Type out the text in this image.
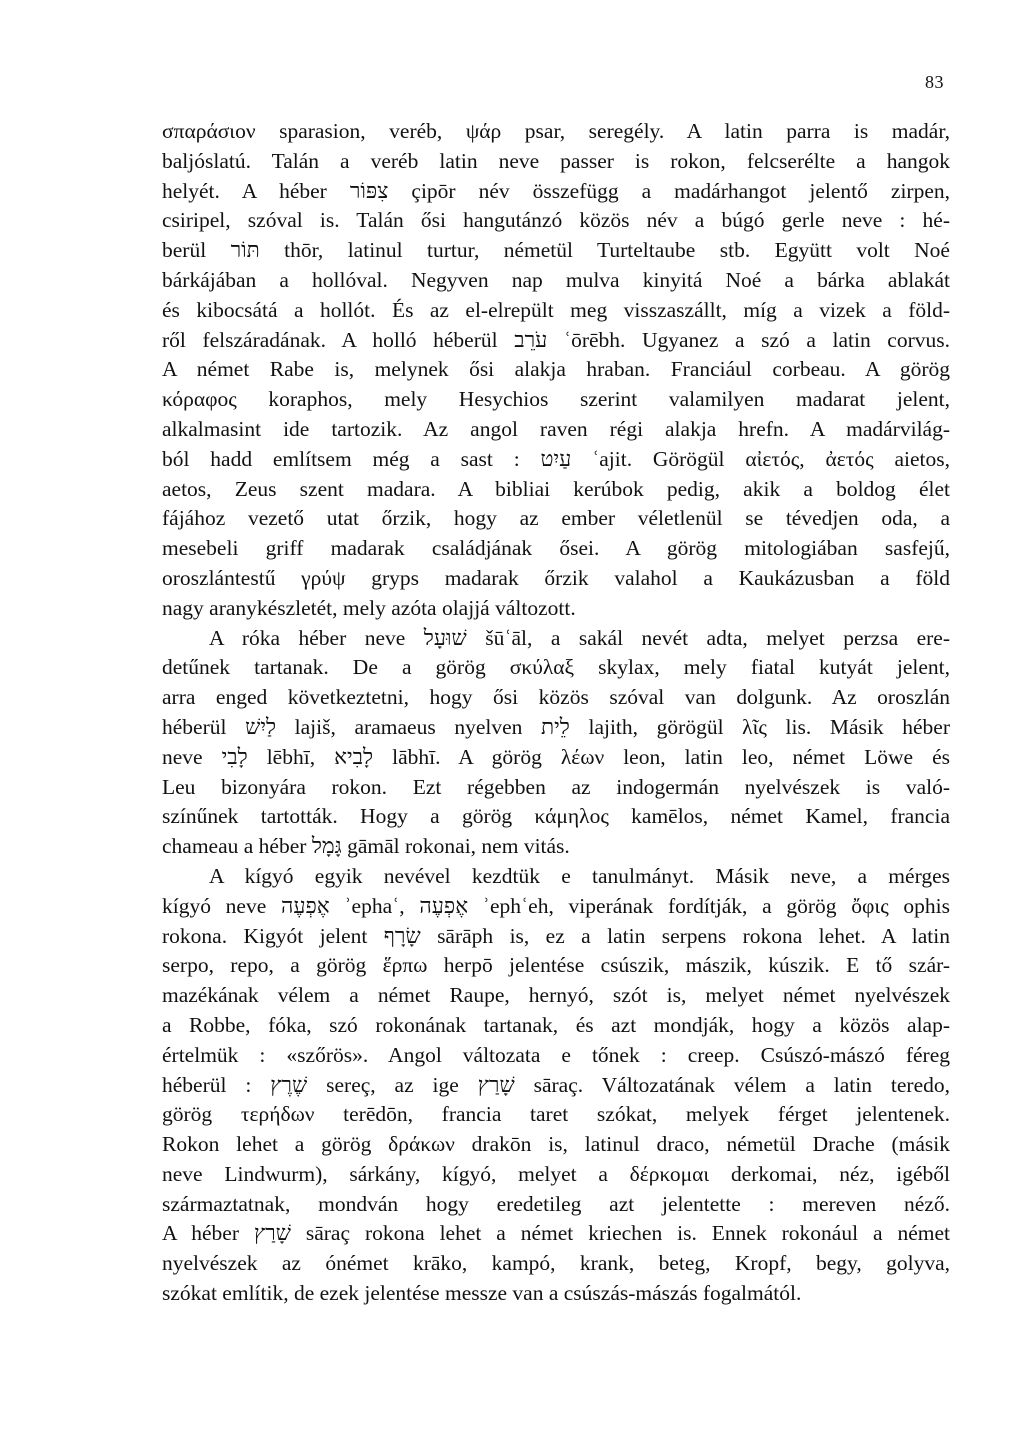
83
σπαράσιον sparasion, veréb, ψάρ psar, seregély. A latin parra is madár,
baljóslatú. Talán a veréb latin neve passer is rokon, felcserélte a hangok
helyét. A héber צִפּוֹר çipōr név összefügg a madárhangot jelentő zirpen,
csiripel, szóval is. Talán ősi hangutánzó közös név a búgó gerle neve : hé-
berül תּוֹר thōr, latinul turtur, németül Turteltaube stb. Együtt volt Noé
bárkájában a hollóval. Negyven nap mulva kinyitá Noé a bárka ablakát
és kibocsátá a hollót. És az el-elrepült meg visszaszállt, míg a vizek a föld-
ről felszáradának. A holló héberül עֹרֵב ʿōrēbh. Ugyanez a szó a latin corvus.
A német Rabe is, melynek ősi alakja hraban. Franciául corbeau. A görög
κόραφος koraphos, mely Hesychios szerint valamilyen madarat jelent,
alkalmasint ide tartozik. Az angol raven régi alakja hrefn. A madárvilág-
ból hadd említsem még a sast : עַיִט ʿajit. Görögül αἰετός, ἀετός aietos,
aetos, Zeus szent madara. A bibliai kerúbok pedig, akik a boldog élet
fájához vezető utat őrzik, hogy az ember véletlenül se tévedjen oda, a
mesebeli griff madarak családjának ősei. A görög mitologiában sasfejű,
oroszlántestű γρύψ gryps madarak őrzik valahol a Kaukázusban a föld
nagy aranykészletét, mely azóta olajjá változott.
A róka héber neve שׁוּעָל šūʿāl, a sakál nevét adta, melyet perzsa ere-
detűnek tartanak. De a görög σκύλαξ skylax, mely fiatal kutyát jelent,
arra enged következtetni, hogy ősi közös szóval van dolgunk. Az oroszlán
héberül לַיִשׁ lajiš, aramaeus nyelven לֵית lajith, görögül λῖς lis. Másik héber
neve לָבִי lēbhī, לָבִיא lābhī. A görög λέων leon, latin leo, német Löwe és
Leu bizonyára rokon. Ezt régebben az indogermán nyelvészek is való-
színűnek tartották. Hogy a görög κάμηλος kamēlos, német Kamel, francia
chameau a héber גָּמָל gāmāl rokonai, nem vitás.
A kígyó egyik nevével kezdtük e tanulmányt. Másik neve, a mérges
kígyó neve אֶפְעֶה ʾephaʿ, אֶפְעֶה ʾephʿeh, viperának fordítják, a görög ὄφις ophis
rokona. Kigyót jelent שָׂרָף sārāph is, ez a latin serpens rokona lehet. A latin
serpo, repo, a görög ἕρπω herpō jelentése csúszik, mászik, kúszik. E tő szár-
mazékának vélem a német Raupe, hernyó, szót is, melyet német nyelvészek
a Robbe, fóka, szó rokonának tartanak, és azt mondják, hogy a közös alap-
értelmük : «szőrös». Angol változata e tőnek : creep. Csúszó-mászó féreg
héberül : שֶׁרֶץ sereç, az ige שָׁרַץ sāraç. Változatának vélem a latin teredo,
görög τερήδων terēdōn, francia taret szókat, melyek férget jelentenek.
Rokon lehet a görög δράκων drakōn is, latinul draco, németül Drache (másik
neve Lindwurm), sárkány, kígyó, melyet a δέρκομαι derkomai, néz, igéből
származtatnak, mondván hogy eredetileg azt jelentette : mereven néző.
A héber שָׁרַץ sāraç rokona lehet a német kriechen is. Ennek rokonául a német
nyelvészek az ónémet krāko, kampó, krank, beteg, Kropf, begy, golyva,
szókat említik, de ezek jelentése messze van a csúszás-mászás fogalmától.
